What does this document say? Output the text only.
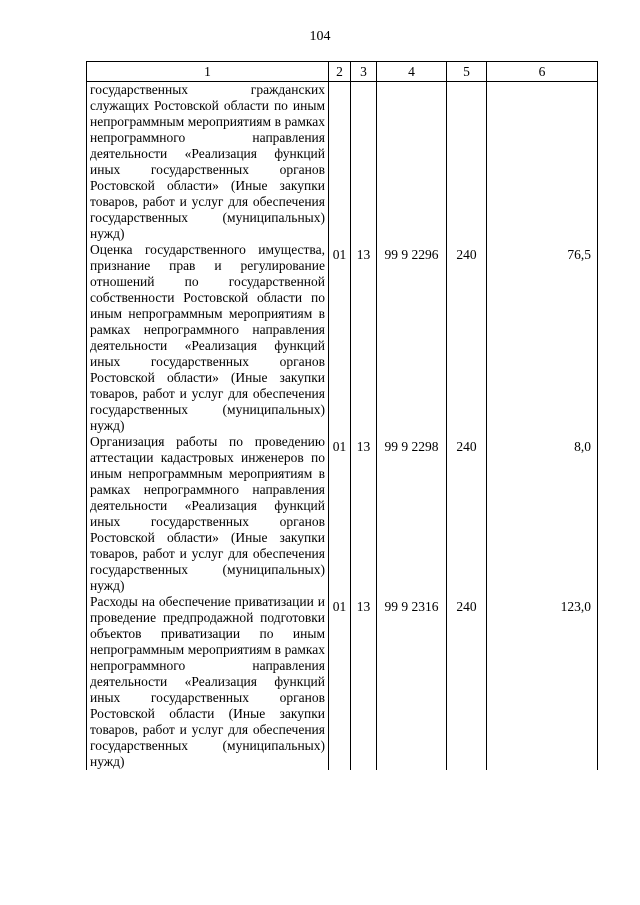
104
1	2	3	4	5	6
государственных гражданских служащих Ростовской области по иным непрограммным мероприятиям в рамках непрограммного направления деятельности «Реализация функций иных государственных органов Ростовской области» (Иные закупки товаров, работ и услуг для обеспечения государственных (муниципальных) нужд)					
Оценка государственного имущества, признание прав и регулирование отношений по государственной собственности Ростовской области по иным непрограммным мероприятиям в рамках непрограммного направления деятельности «Реализация функций иных государственных органов Ростовской области» (Иные закупки товаров, работ и услуг для обеспечения государственных (муниципальных) нужд)	01	13	99 9 2296	240	76,5
Организация работы по проведению аттестации кадастровых инженеров по иным непрограммным мероприятиям в рамках непрограммного направления деятельности «Реализация функций иных государственных органов Ростовской области» (Иные закупки товаров, работ и услуг для обеспечения государственных (муниципальных) нужд)	01	13	99 9 2298	240	8,0
Расходы на обеспечение приватизации и проведение предпродажной подготовки объектов приватизации по иным непрограммным мероприятиям в рамках непрограммного направления деятельности «Реализация функций иных государственных органов Ростовской области (Иные закупки товаров, работ и услуг для обеспечения государственных (муниципальных) нужд)	01	13	99 9 2316	240	123,0
